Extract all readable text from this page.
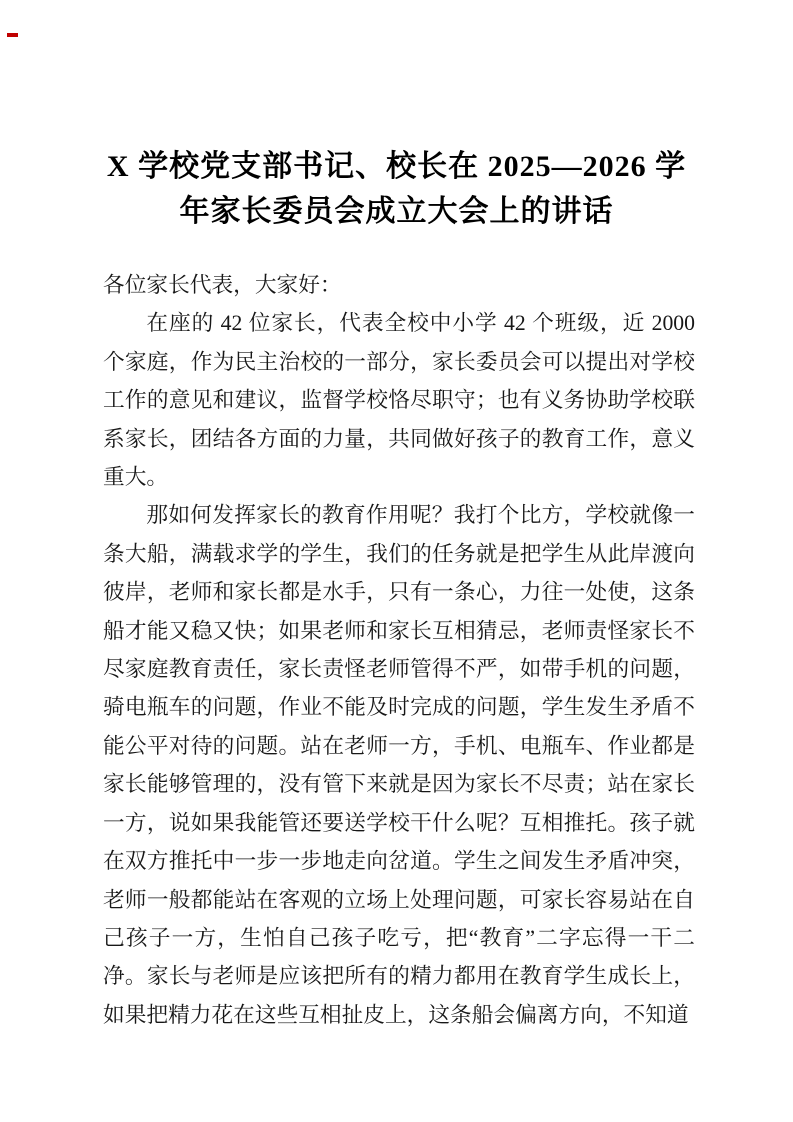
X 学校党支部书记、校长在 2025—2026 学
年家长委员会成立大会上的讲话

各位家长代表，大家好：

在座的 42 位家长，代表全校中小学 42 个班级，近 2000 个家庭，作为民主治校的一部分，家长委员会可以提出对学校工作的意见和建议，监督学校恪尽职守；也有义务协助学校联系家长，团结各方面的力量，共同做好孩子的教育工作，意义重大。

那如何发挥家长的教育作用呢？我打个比方，学校就像一条大船，满载求学的学生，我们的任务就是把学生从此岸渡向彼岸，老师和家长都是水手，只有一条心，力往一处使，这条船才能又稳又快；如果老师和家长互相猜忌，老师责怪家长不尽家庭教育责任，家长责怪老师管得不严，如带手机的问题，骑电瓶车的问题，作业不能及时完成的问题，学生发生矛盾不能公平对待的问题。站在老师一方，手机、电瓶车、作业都是家长能够管理的，没有管下来就是因为家长不尽责；站在家长一方，说如果我能管还要送学校干什么呢？互相推托。孩子就在双方推托中一步一步地走向岔道。学生之间发生矛盾冲突，老师一般都能站在客观的立场上处理问题，可家长容易站在自己孩子一方，生怕自己孩子吃亏，把“教育”二字忘得一干二净。家长与老师是应该把所有的精力都用在教育学生成长上，如果把精力花在这些互相扯皮上，这条船会偏离方向，不知道
